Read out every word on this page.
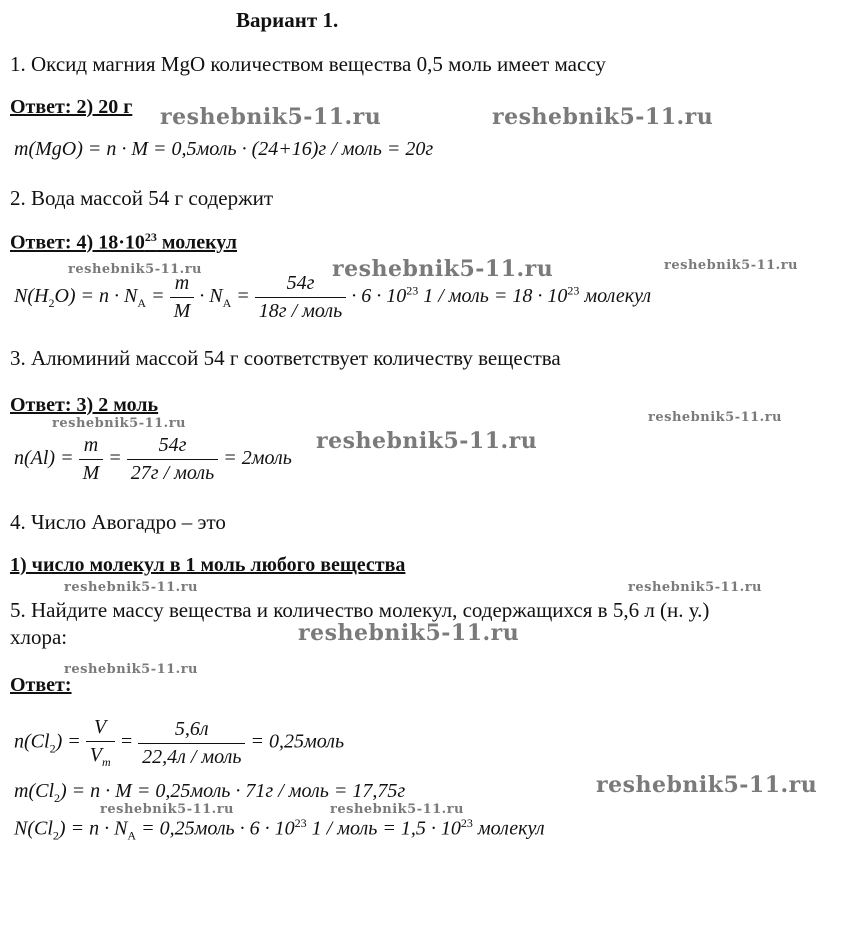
Вариант 1.
1. Оксид магния MgO количеством вещества 0,5 моль имеет массу
Ответ: 2) 20 г
m(MgO) = n · M = 0,5моль · (24+16)г / моль = 20г
2. Вода массой 54 г содержит
Ответ: 4) $18\cdot 10^{23}$ молекул
$N(H_2O) = n \cdot N_A = \frac{m}{M} \cdot N_A = \frac{54г}{\text{18г / моль}} \cdot 6 \cdot 10^{23}$ 1 / моль = $18 \cdot 10^{23}$ молекул
3. Алюминий массой 54 г соответствует количеству вещества
Ответ: 3) 2 моль
$n(Al) = \frac{m}{M} = \frac{54г}{\text{27г / моль}}$ = 2моль
4. Число Авогадро – это
1) число молекул в 1 моль любого вещества
5. Найдите массу вещества и количество молекул, содержащихся в 5,6 л (н. у.)
хлора:
Ответ:
$n(Cl_2) = \frac{V}{V_m} = \frac{5,6л}{\text{22,4л / моль}}$ = 0,25моль
$m(Cl_2) = n \cdot M$ = 0,25моль · 71г / моль = 17,75г
$N(Cl_2) = n \cdot N_A$ = 0,25моль · $6 \cdot 10^{23}$ 1 / моль = $1,5 \cdot 10^{23}$ молекул
reshebnik5-11.ru	reshebnik5-11.ru
reshebnik5-11.ru	reshebnik5-11.ru	reshebnik5-11.ru
reshebnik5-11.ru
reshebnik5-11.ru
reshebnik5-11.ru
reshebnik5-11.ru	reshebnik5-11.ru
reshebnik5-11.ru
reshebnik5-11.ru
reshebnik5-11.ru
reshebnik5-11.ru	reshebnik5-11.ru
